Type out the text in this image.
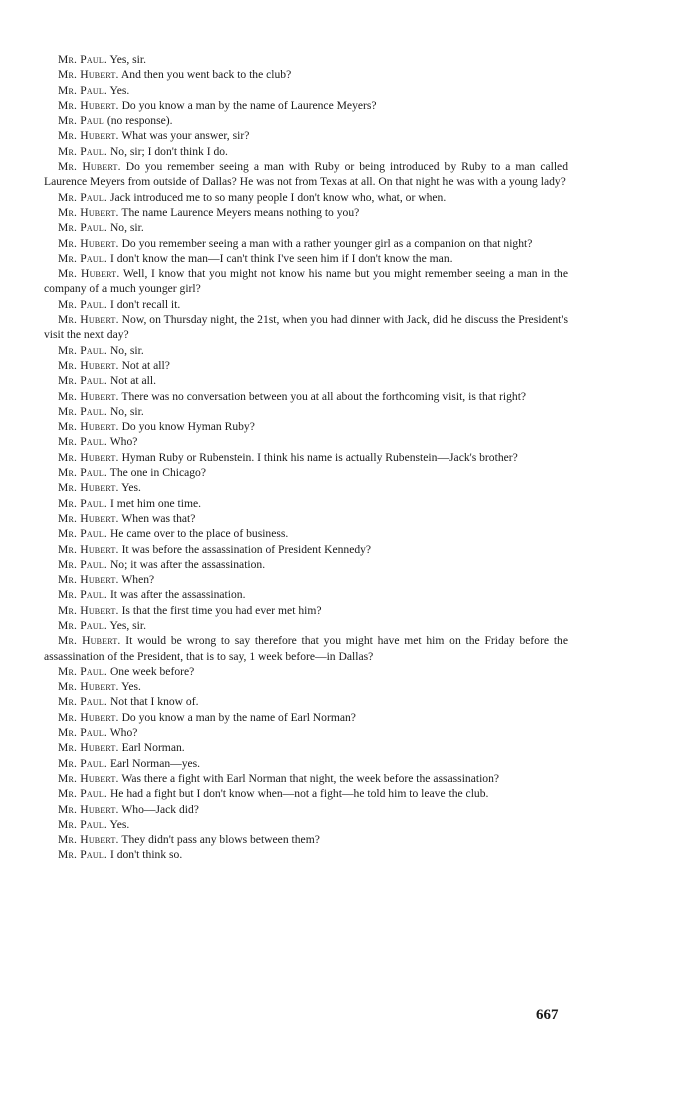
Mr. Paul. Yes, sir.

Mr. Hubert. And then you went back to the club?

Mr. Paul. Yes.

Mr. Hubert. Do you know a man by the name of Laurence Meyers?

Mr. Paul (no response).

Mr. Hubert. What was your answer, sir?

Mr. Paul. No, sir; I don't think I do.

Mr. Hubert. Do you remember seeing a man with Ruby or being introduced by Ruby to a man called Laurence Meyers from outside of Dallas? He was not from Texas at all. On that night he was with a young lady?

Mr. Paul. Jack introduced me to so many people I don't know who, what, or when.

Mr. Hubert. The name Laurence Meyers means nothing to you?

Mr. Paul. No, sir.

Mr. Hubert. Do you remember seeing a man with a rather younger girl as a companion on that night?

Mr. Paul. I don't know the man—I can't think I've seen him if I don't know the man.

Mr. Hubert. Well, I know that you might not know his name but you might remember seeing a man in the company of a much younger girl?

Mr. Paul. I don't recall it.

Mr. Hubert. Now, on Thursday night, the 21st, when you had dinner with Jack, did he discuss the President's visit the next day?

Mr. Paul. No, sir.

Mr. Hubert. Not at all?

Mr. Paul. Not at all.

Mr. Hubert. There was no conversation between you at all about the forthcoming visit, is that right?

Mr. Paul. No, sir.

Mr. Hubert. Do you know Hyman Ruby?

Mr. Paul. Who?

Mr. Hubert. Hyman Ruby or Rubenstein. I think his name is actually Rubenstein—Jack's brother?

Mr. Paul. The one in Chicago?

Mr. Hubert. Yes.

Mr. Paul. I met him one time.

Mr. Hubert. When was that?

Mr. Paul. He came over to the place of business.

Mr. Hubert. It was before the assassination of President Kennedy?

Mr. Paul. No; it was after the assassination.

Mr. Hubert. When?

Mr. Paul. It was after the assassination.

Mr. Hubert. Is that the first time you had ever met him?

Mr. Paul. Yes, sir.

Mr. Hubert. It would be wrong to say therefore that you might have met him on the Friday before the assassination of the President, that is to say, 1 week before—in Dallas?

Mr. Paul. One week before?

Mr. Hubert. Yes.

Mr. Paul. Not that I know of.

Mr. Hubert. Do you know a man by the name of Earl Norman?

Mr. Paul. Who?

Mr. Hubert. Earl Norman.

Mr. Paul. Earl Norman—yes.

Mr. Hubert. Was there a fight with Earl Norman that night, the week before the assassination?

Mr. Paul. He had a fight but I don't know when—not a fight—he told him to leave the club.

Mr. Hubert. Who—Jack did?

Mr. Paul. Yes.

Mr. Hubert. They didn't pass any blows between them?

Mr. Paul. I don't think so.

667
